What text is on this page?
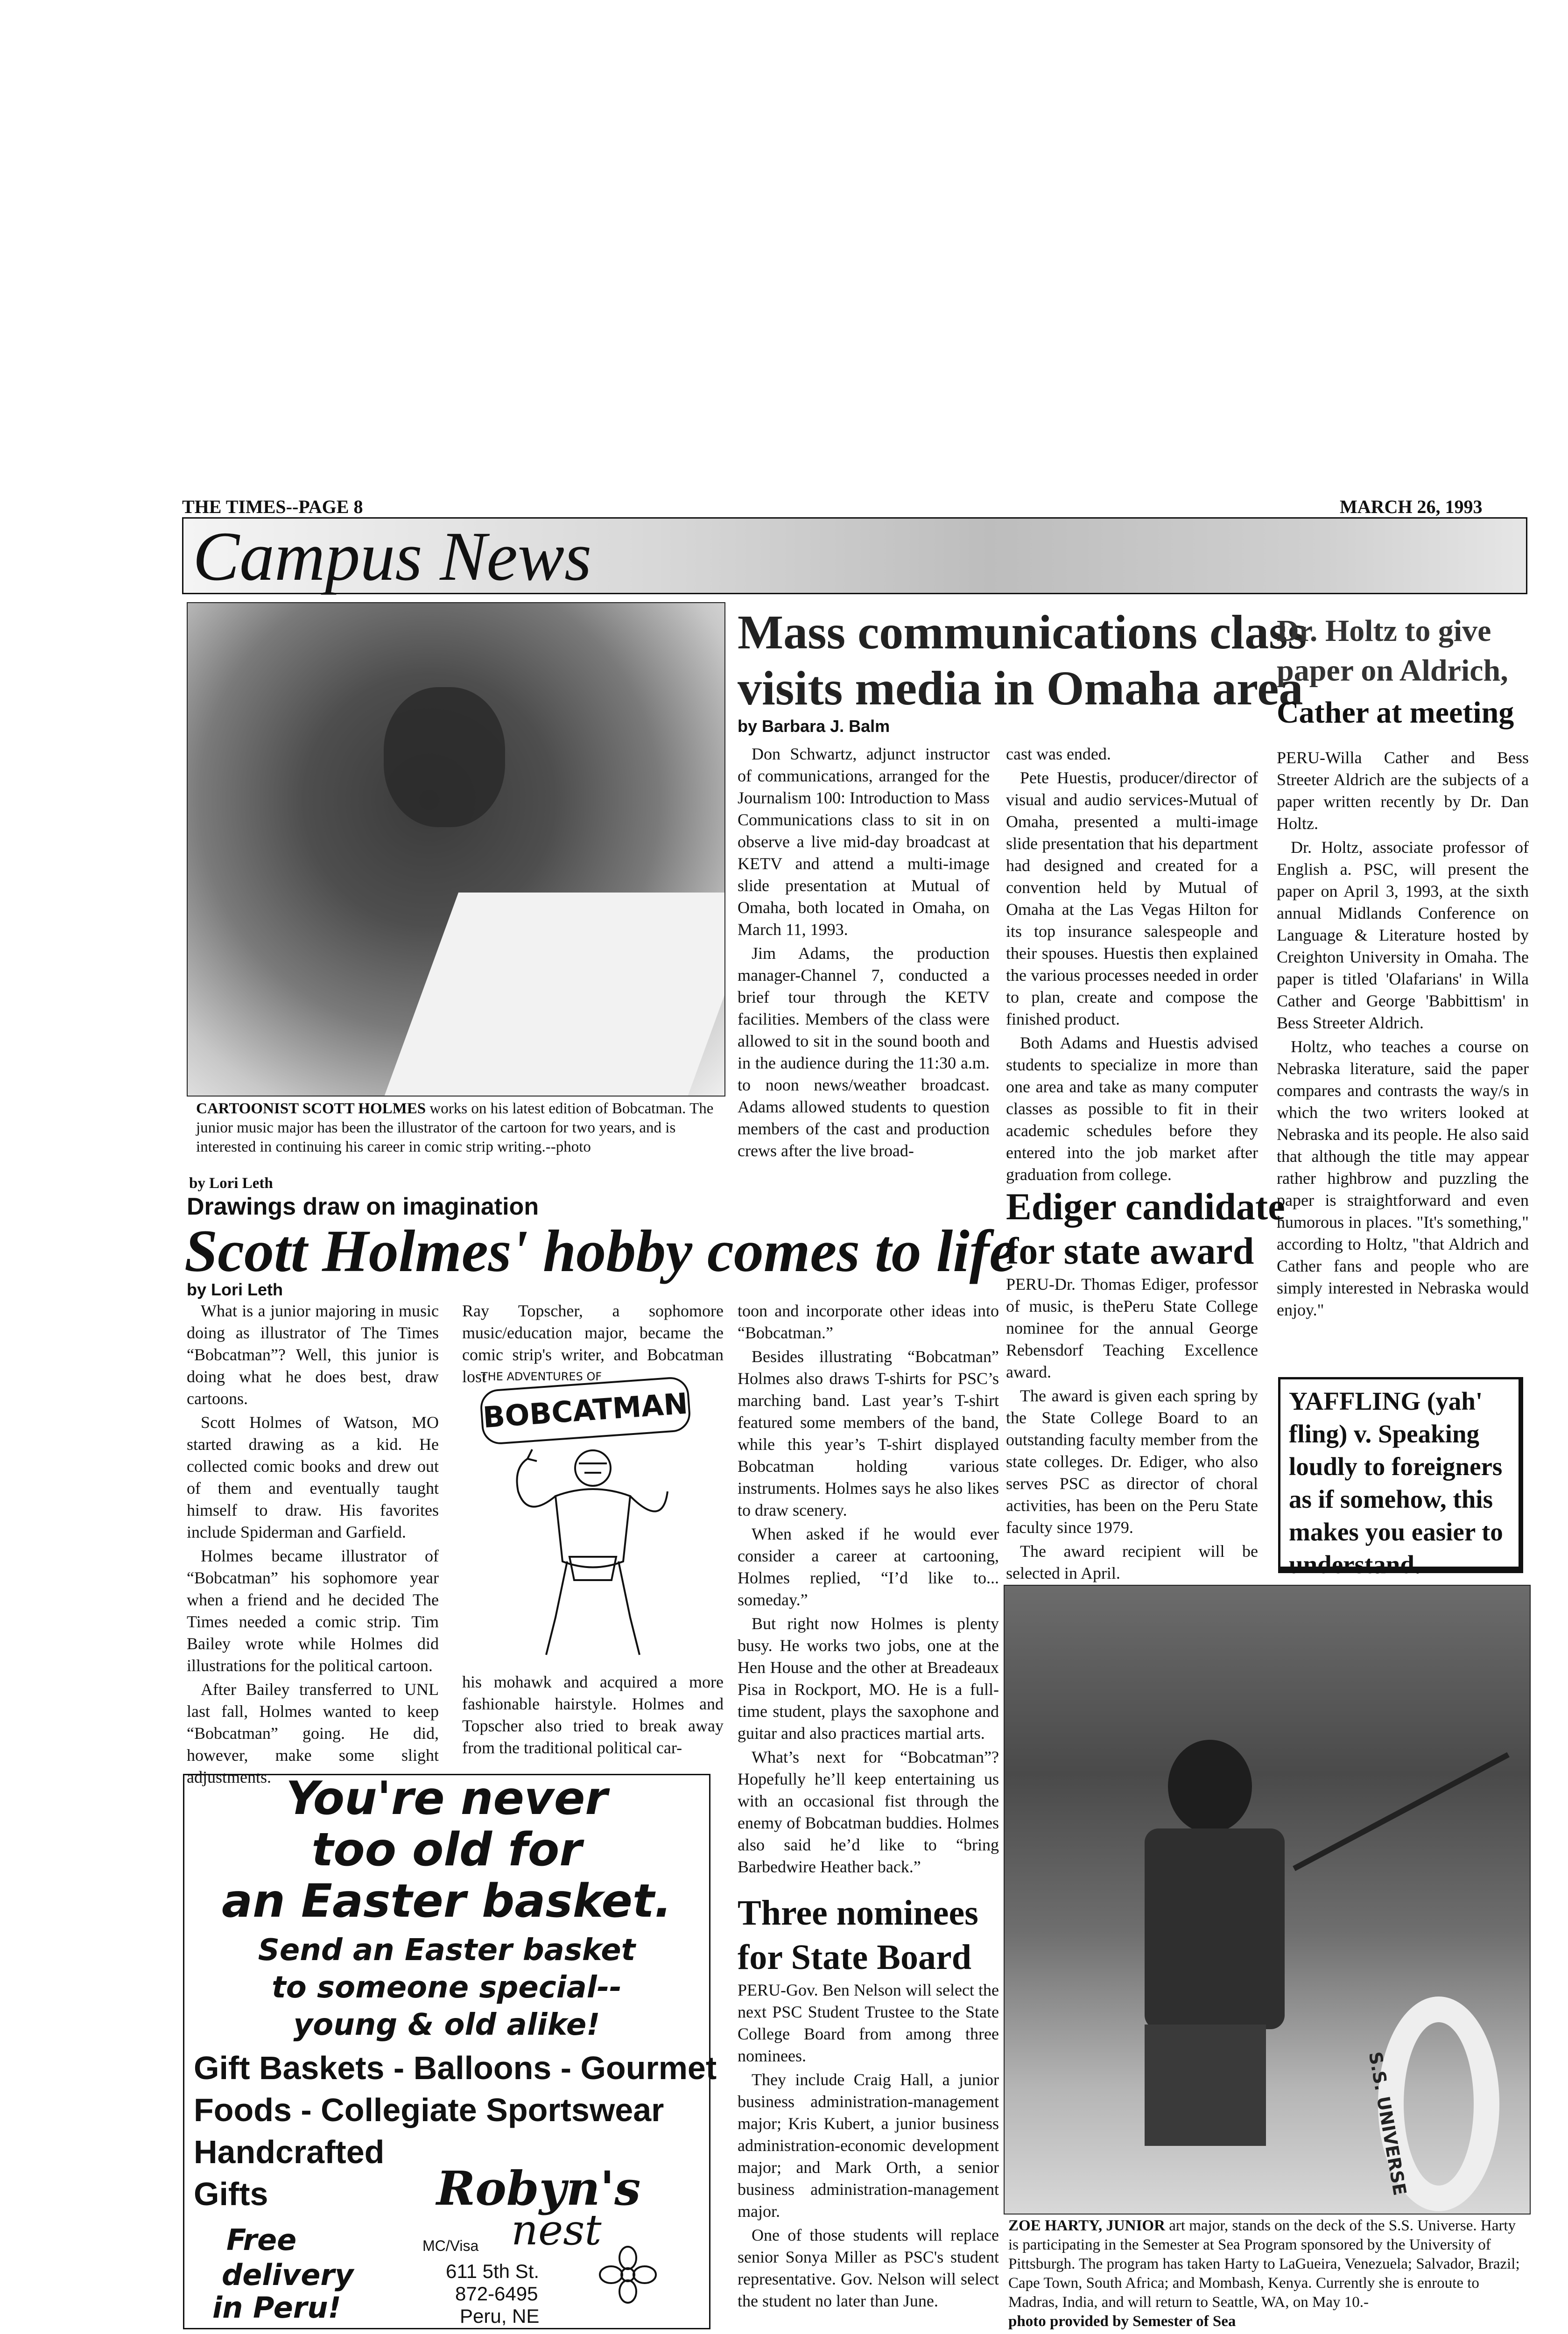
THE TIMES--PAGE 8	MARCH 26, 1993
Campus News
CARTOONIST SCOTT HOLMES works on his latest edition of Bobcatman. The junior music major has been the illustrator of the cartoon for two years, and is interested in continuing his career in comic strip writing.--photo
by Lori Leth
Drawings draw on imagination
Scott Holmes' hobby comes to life
by Lori Leth

What is a junior majoring in music doing as illustrator of The Times “Bobcatman”? Well, this junior is doing what he does best, draw cartoons.

Scott Holmes of Watson, MO started drawing as a kid. He collected comic books and drew out of them and eventually taught himself to draw. His favorites include Spiderman and Garfield.

Holmes became illustrator of “Bobcatman” his sophomore year when a friend and he decided The Times needed a comic strip. Tim Bailey wrote while Holmes did illustrations for the political cartoon.

After Bailey transferred to UNL last fall, Holmes wanted to keep “Bobcatman” going. He did, however, make some slight adjustments.

Ray Topscher, a sophomore music/education major, became the comic strip's writer, and Bobcatman lost

THE ADVENTURES OF
BOBCATMAN

his mohawk and acquired a more fashionable hairstyle. Holmes and Topscher also tried to break away from the traditional political car-

toon and incorporate other ideas into “Bobcatman.”

Besides illustrating “Bobcatman” Holmes also draws T-shirts for PSC’s marching band. Last year’s T-shirt featured some members of the band, while this year’s T-shirt displayed Bobcatman holding various instruments. Holmes says he also likes to draw scenery.

When asked if he would ever consider a career at cartooning, Holmes replied, “I’d like to... someday.”

But right now Holmes is plenty busy. He works two jobs, one at the Hen House and the other at Breadeaux Pisa in Rockport, MO. He is a full-time student, plays the saxophone and guitar and also practices martial arts.

What’s next for “Bobcatman”? Hopefully he’ll keep entertaining us with an occasional fist through the enemy of Bobcatman buddies. Holmes also said he’d like to “bring Barbedwire Heather back.”

Mass communications class
visits media in Omaha area
by Barbara J. Balm

Don Schwartz, adjunct instructor of communications, arranged for the Journalism 100: Introduction to Mass Communications class to sit in on observe a live mid-day broadcast at KETV and attend a multi-image slide presentation at Mutual of Omaha, both located in Omaha, on March 11, 1993.

Jim Adams, the production manager-Channel 7, conducted a brief tour through the KETV facilities. Members of the class were allowed to sit in the sound booth and in the audience during the 11:30 a.m. to noon news/weather broadcast. Adams allowed students to question members of the cast and production crews after the live broad-

cast was ended.

Pete Huestis, producer/director of visual and audio services-Mutual of Omaha, presented a multi-image slide presentation that his department had designed and created for a convention held by Mutual of Omaha at the Las Vegas Hilton for its top insurance salespeople and their spouses. Huestis then explained the various processes needed in order to plan, create and compose the finished product.

Both Adams and Huestis advised students to specialize in more than one area and take as many computer classes as possible to fit in their academic schedules before they entered into the job market after graduation from college.

Ediger candidate
for state award

PERU-Dr. Thomas Ediger, professor of music, is thePeru State College nominee for the annual George Rebensdorf Teaching Excellence award.

The award is given each spring by the State College Board to an outstanding faculty member from the state colleges. Dr. Ediger, who also serves PSC as director of choral activities, has been on the Peru State faculty since 1979.

The award recipient will be selected in April.

Dr. Holtz to give
paper on Aldrich,
Cather at meeting

PERU-Willa Cather and Bess Streeter Aldrich are the subjects of a paper written recently by Dr. Dan Holtz.

Dr. Holtz, associate professor of English a. PSC, will present the paper on April 3, 1993, at the sixth annual Midlands Conference on Language & Literature hosted by Creighton University in Omaha. The paper is titled 'Olafarians' in Willa Cather and George 'Babbittism' in Bess Streeter Aldrich.

Holtz, who teaches a course on Nebraska literature, said the paper compares and contrasts the way/s in which the two writers looked at Nebraska and its people. He also said that although the title may appear rather highbrow and puzzling the paper is straightforward and even humorous in places. "It's something," according to Holtz, "that Aldrich and Cather fans and people who are simply interested in Nebraska would enjoy."

YAFFLING (yah' fling) v. Speaking loudly to foreigners as if somehow, this makes you easier to understand.
Three nominees
for State Board

PERU-Gov. Ben Nelson will select the next PSC Student Trustee to the State College Board from among three nominees.

They include Craig Hall, a junior business administration-management major; Kris Kubert, a junior business administration-economic development major; and Mark Orth, a senior business administration-management major.

One of those students will replace senior Sonya Miller as PSC's student representative. Gov. Nelson will select the student no later than June.

S.S. UNIVERSE
ZOE HARTY, JUNIOR art major, stands on the deck of the S.S. Universe. Harty is participating in the Semester at Sea Program sponsored by the University of Pittsburgh. The program has taken Harty to LaGueira, Venezuela; Salvador, Brazil; Cape Town, South Africa; and Mombash, Kenya. Currently she is enroute to Madras, India, and will return to Seattle, WA, on May 10.-
photo provided by Semester of Sea
You're never
too old for
an Easter basket.
Send an Easter basket
to someone special--
young & old alike!
Gift Baskets - Balloons - Gourmet
Foods - Collegiate Sportswear
Handcrafted
Gifts
Free
delivery
in Peru!
MC/Visa
Robyn's
nest
611 5th St.
872-6495
Peru, NE
